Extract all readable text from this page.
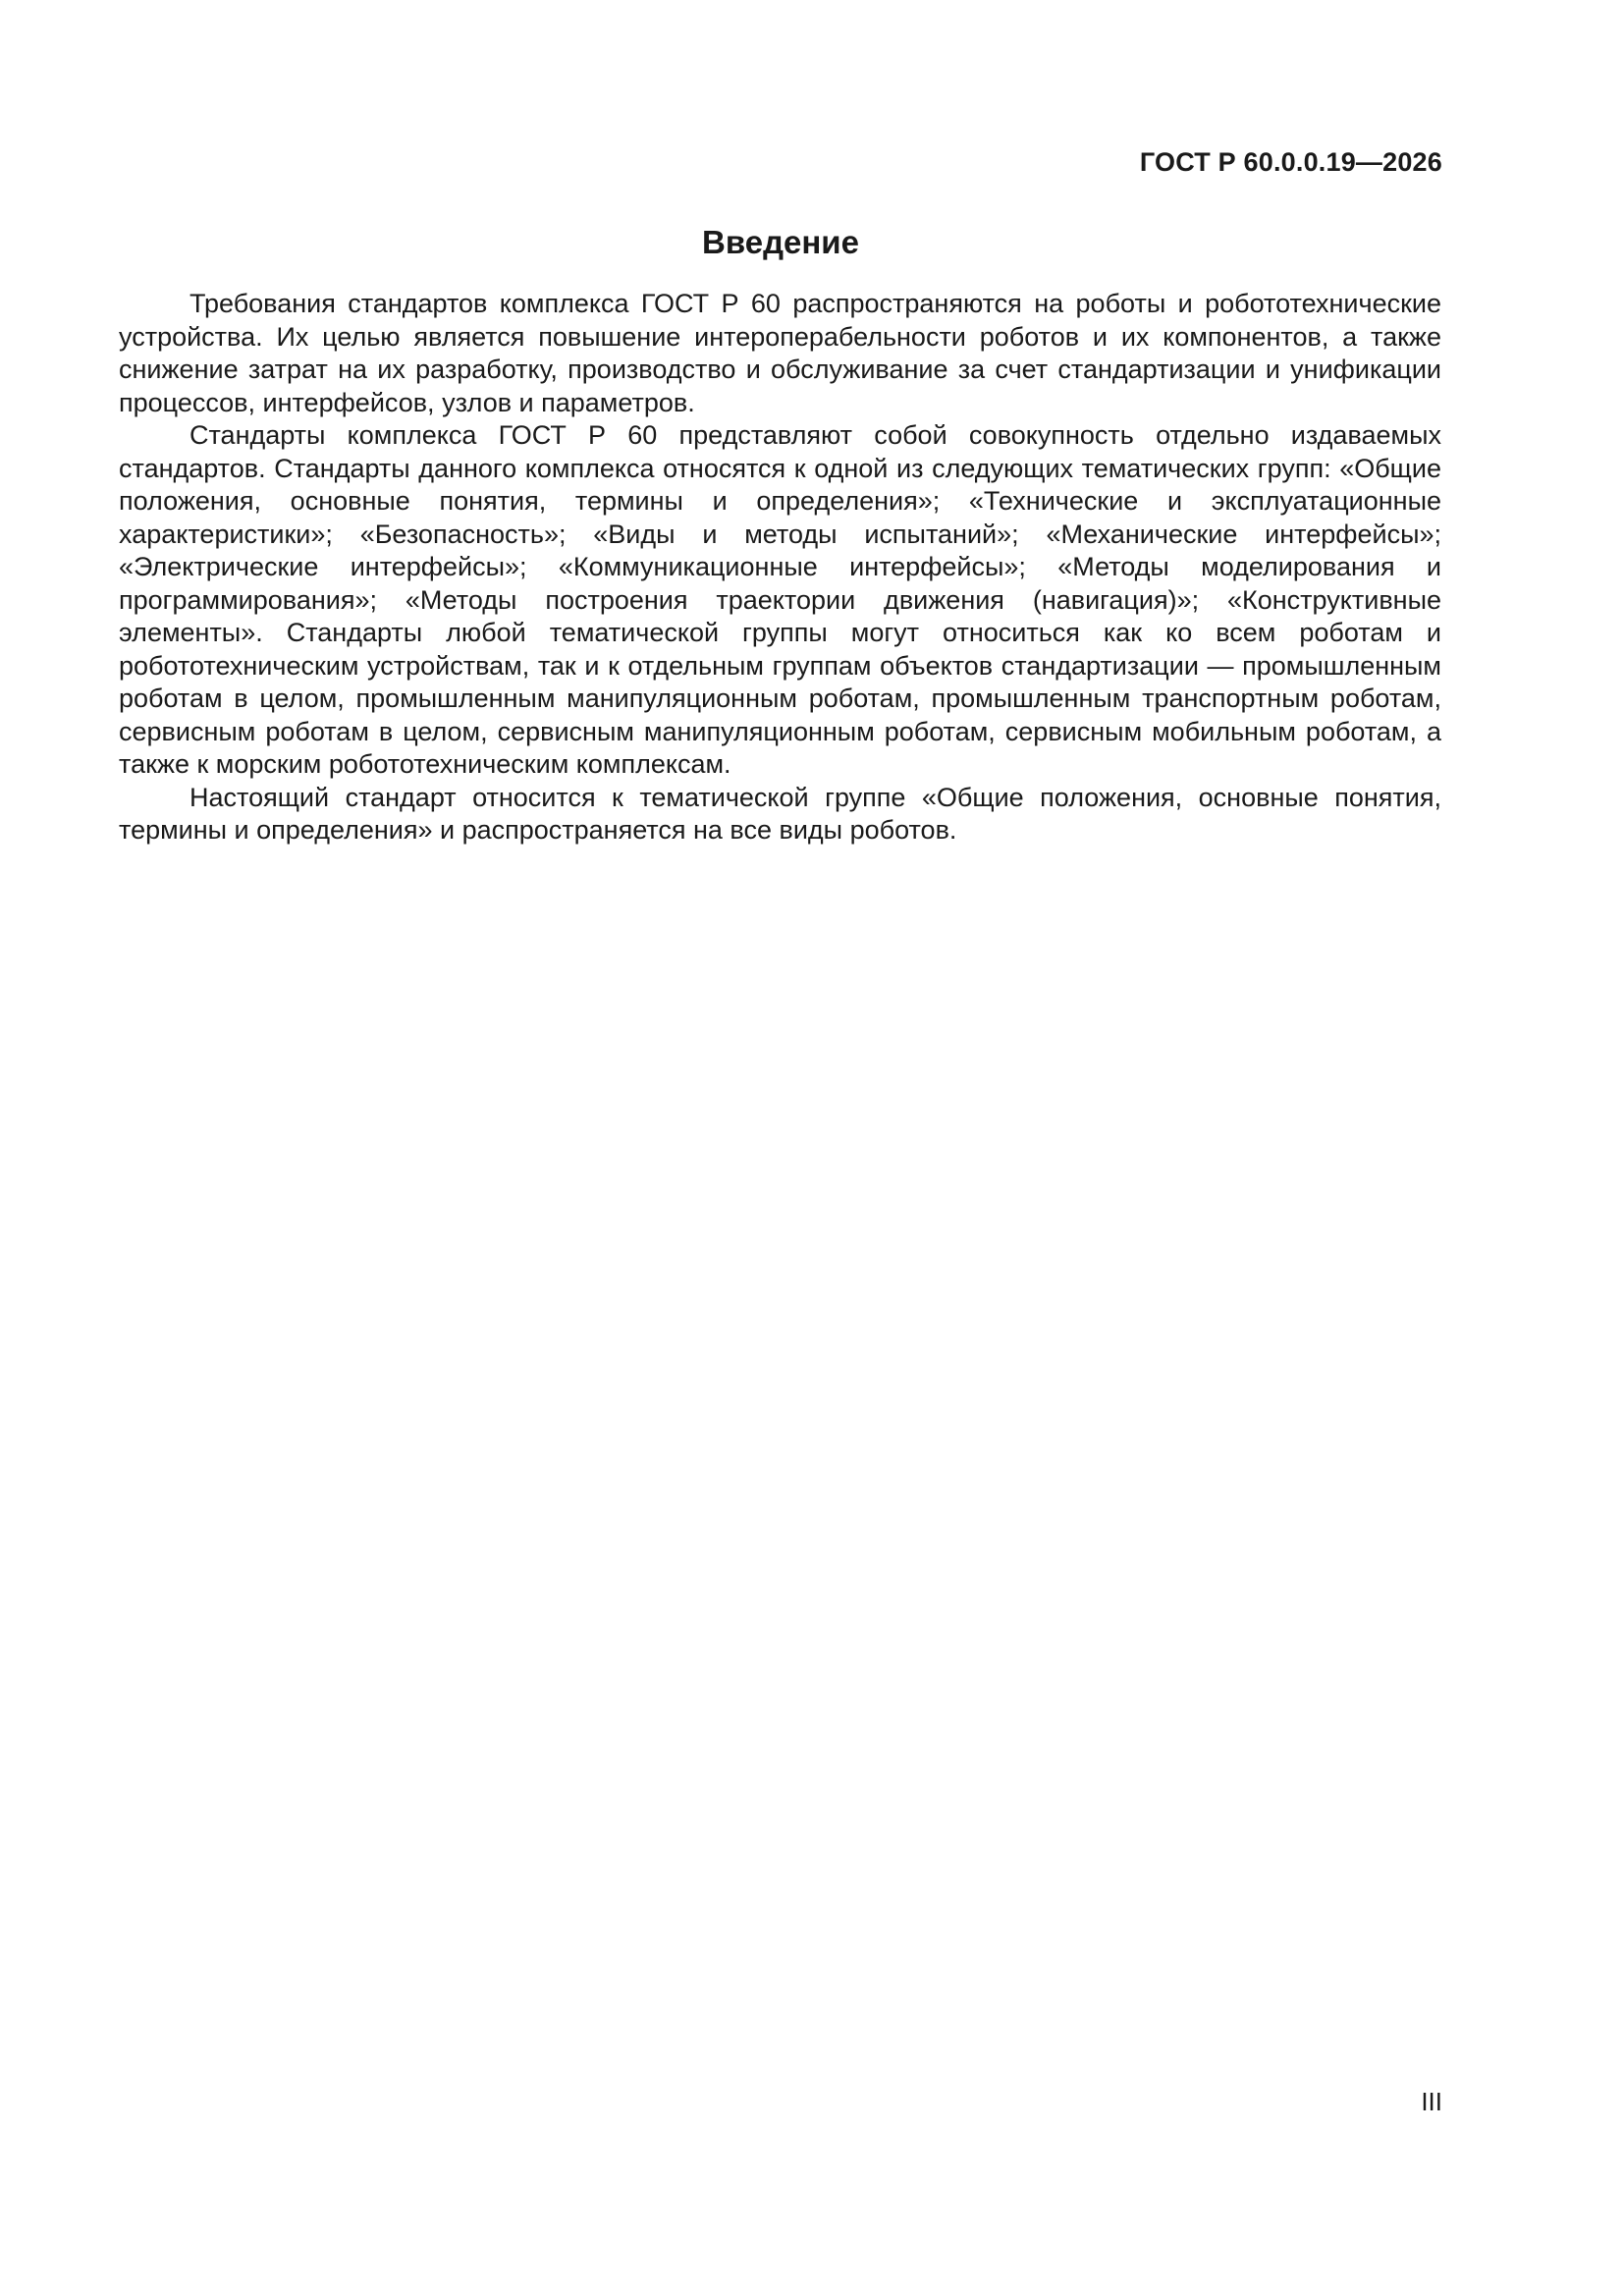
ГОСТ Р 60.0.0.19—2026
Введение

Требования стандартов комплекса ГОСТ Р 60 распространяются на роботы и робототехнические устройства. Их целью является повышение интероперабельности роботов и их компонентов, а также снижение затрат на их разработку, производство и обслуживание за счет стандартизации и унификации процессов, интерфейсов, узлов и параметров.

Стандарты комплекса ГОСТ Р 60 представляют собой совокупность отдельно издаваемых стандартов. Стандарты данного комплекса относятся к одной из следующих тематических групп: «Общие положения, основные понятия, термины и определения»; «Технические и эксплуатационные характеристики»; «Безопасность»; «Виды и методы испытаний»; «Механические интерфейсы»; «Электрические интерфейсы»; «Коммуникационные интерфейсы»; «Методы моделирования и программирования»; «Методы построения траектории движения (навигация)»; «Конструктивные элементы». Стандарты любой тематической группы могут относиться как ко всем роботам и робототехническим устройствам, так и к отдельным группам объектов стандартизации — промышленным роботам в целом, промышленным манипуляционным роботам, промышленным транспортным роботам, сервисным роботам в целом, сервисным манипуляционным роботам, сервисным мобильным роботам, а также к морским робототехническим комплексам.

Настоящий стандарт относится к тематической группе «Общие положения, основные понятия, термины и определения» и распространяется на все виды роботов.

III
